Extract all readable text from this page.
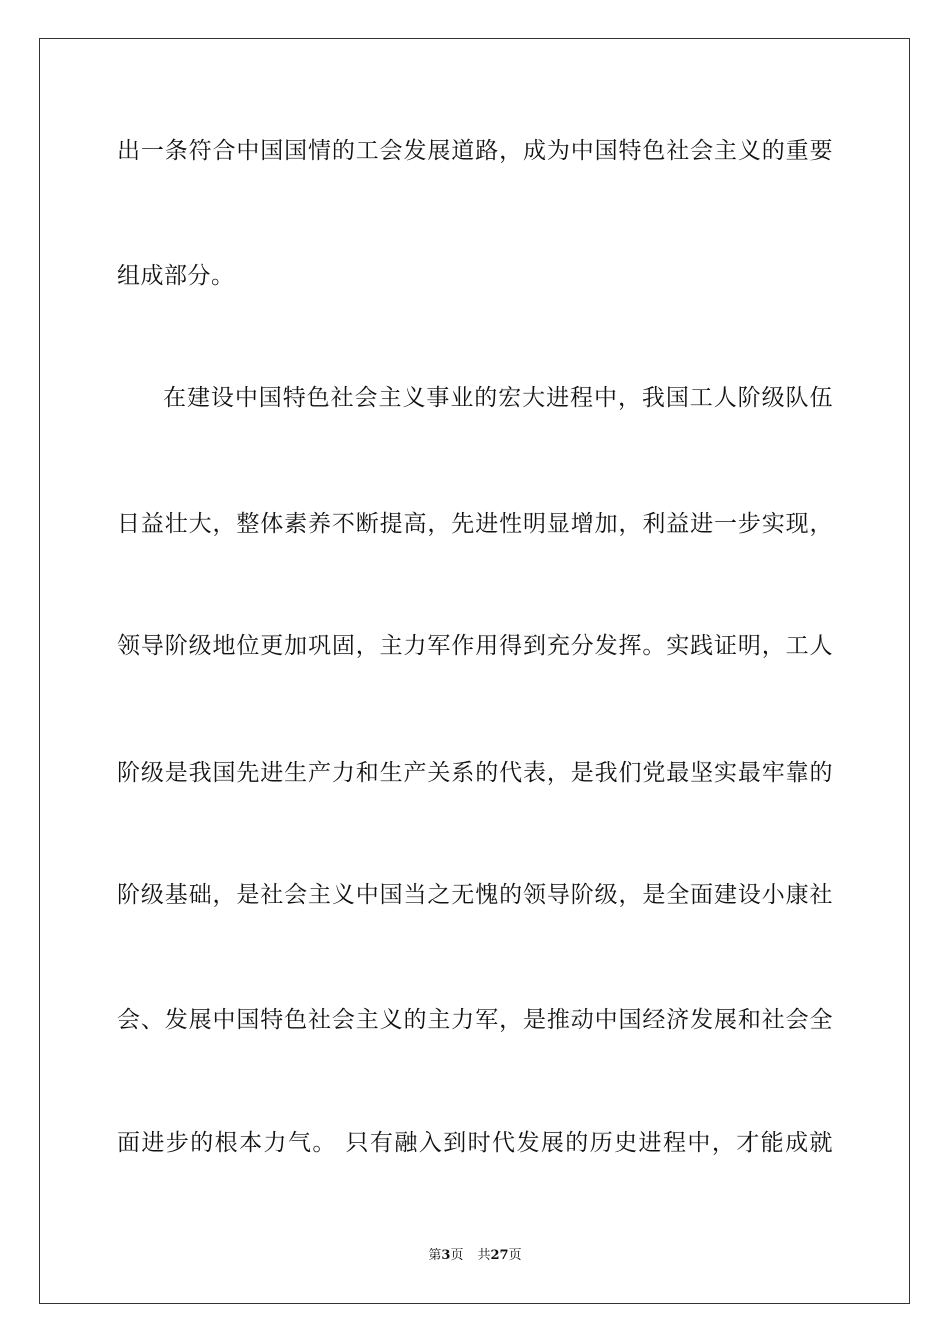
出一条符合中国国情的工会发展道路，成为中国特色社会主义的重要
组成部分。
在建设中国特色社会主义事业的宏大进程中，我国工人阶级队伍
日益壮大，整体素养不断提高，先进性明显增加，利益进一步实现，
领导阶级地位更加巩固，主力军作用得到充分发挥。实践证明，工人
阶级是我国先进生产力和生产关系的代表，是我们党最坚实最牢靠的
阶级基础，是社会主义中国当之无愧的领导阶级，是全面建设小康社
会、发展中国特色社会主义的主力军，是推动中国经济发展和社会全
面进步的根本力气。 只有融入到时代发展的历史进程中，才能成就
第3页 共27页
